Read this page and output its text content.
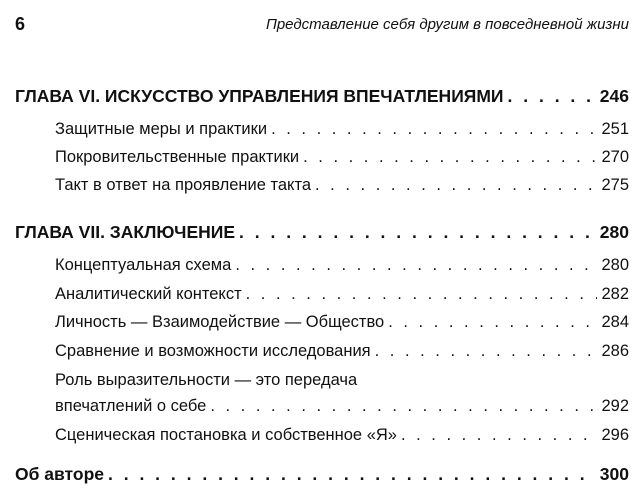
6	Представление себя другим в повседневной жизни
ГЛАВА VI. ИСКУССТВО УПРАВЛЕНИЯ ВПЕЧАТЛЕНИЯМИ . . .	246
Защитные меры и практики . . .	251
Покровительственные практики . . .	270
Такт в ответ на проявление такта . . .	275
ГЛАВА VII. ЗАКЛЮЧЕНИЕ . . .	280
Концептуальная схема . . .	280
Аналитический контекст . . .	282
Личность — Взаимодействие — Общество . . .	284
Сравнение и возможности исследования . . .	286
Роль выразительности — это передача
впечатлений о себе . . .	292
Сценическая постановка и собственное «Я» . . .	296
Об авторе . . .	300
